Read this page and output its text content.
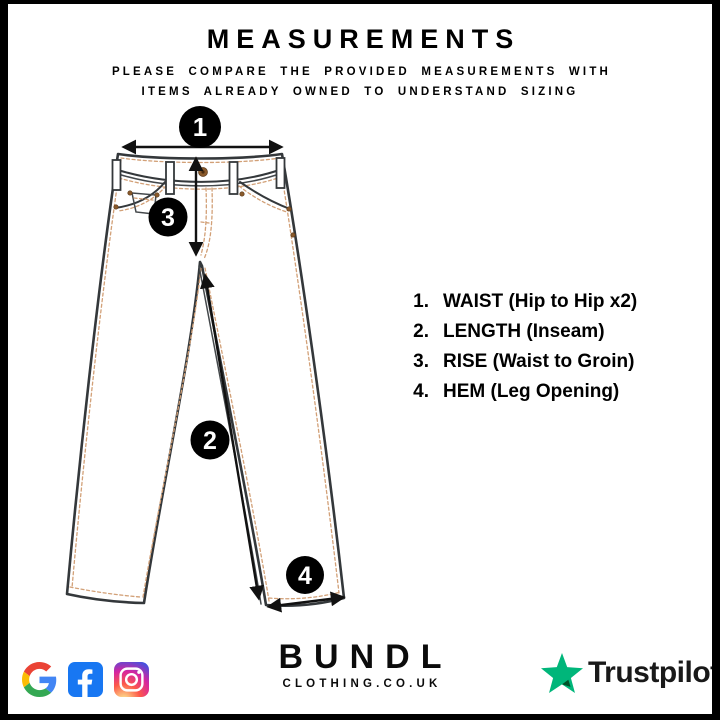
MEASUREMENTS

PLEASE COMPARE THE PROVIDED MEASUREMENTS WITH
ITEMS ALREADY OWNED TO UNDERSTAND SIZING

1
3
2
4
1. WAIST (Hip to Hip x2)
2. LENGTH (Inseam)
3. RISE (Waist to Groin)
4. HEM (Leg Opening)
BUNDL
CLOTHING.CO.UK	Trustpilot
